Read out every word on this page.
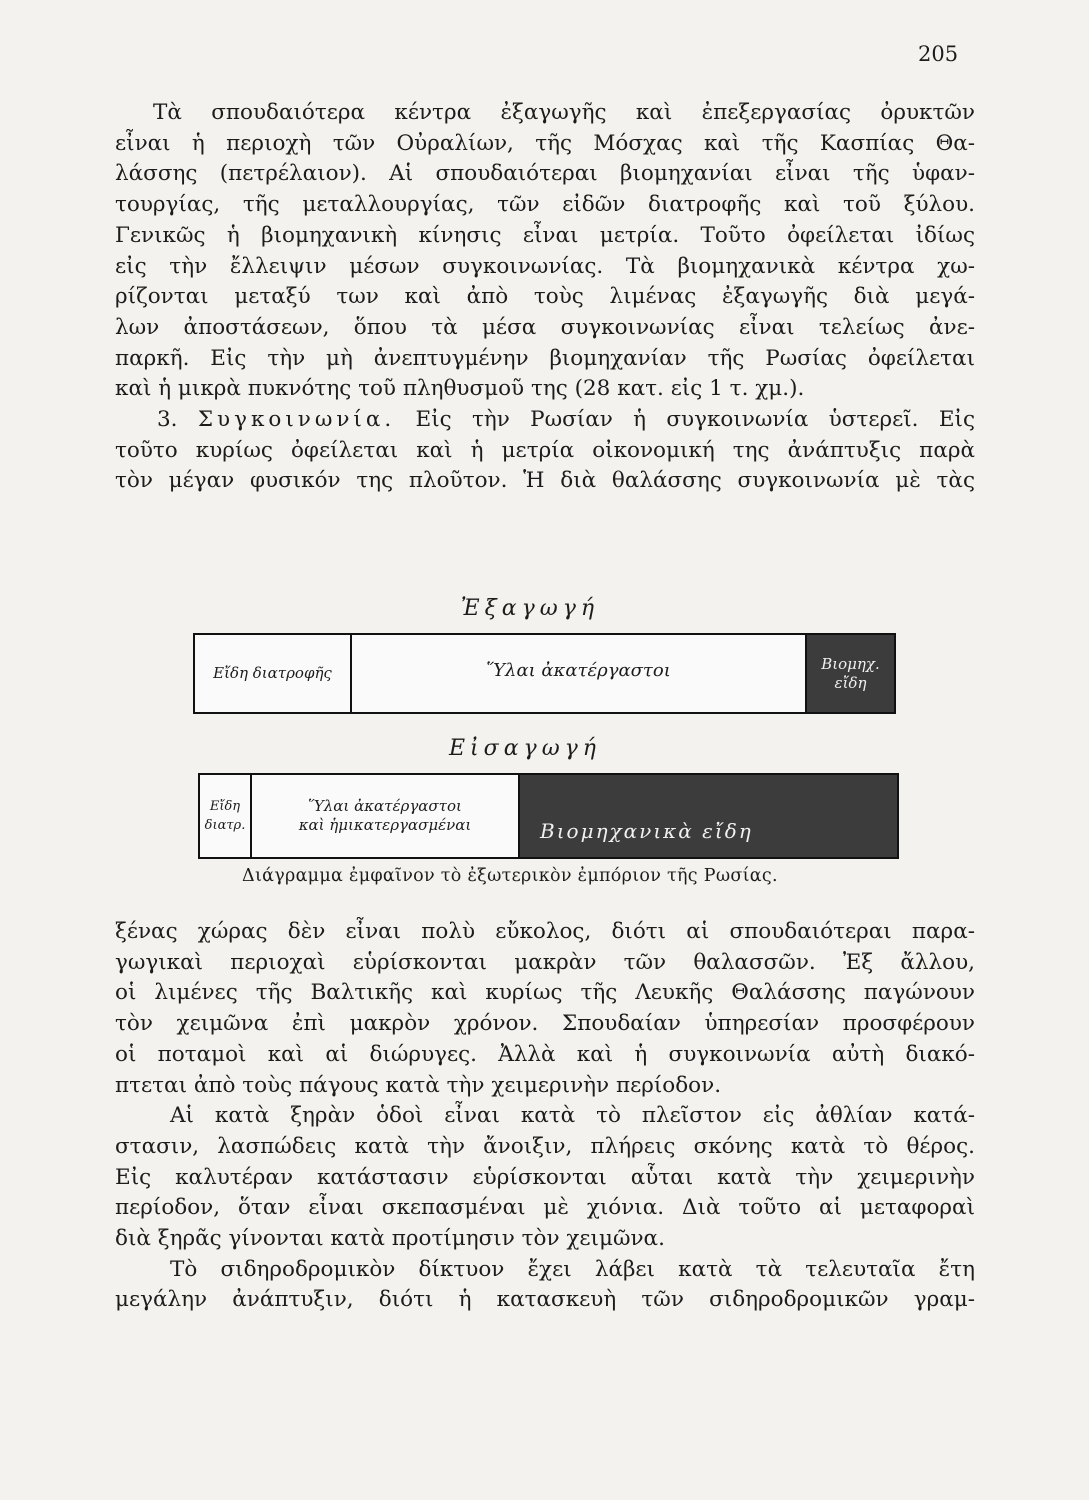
205
Τὰ σπουδαιότερα κέντρα ἐξαγωγῆς καὶ ἐπεξεργασίας ὀρυκτῶν
εἶναι ἡ περιοχὴ τῶν Οὐραλίων, τῆς Μόσχας καὶ τῆς Κασπίας Θα-
λάσσης (πετρέλαιον). Αἱ σπουδαιότεραι βιομηχανίαι εἶναι τῆς ὑφαν-
τουργίας, τῆς μεταλλουργίας, τῶν εἰδῶν διατροφῆς καὶ τοῦ ξύλου.
Γενικῶς ἡ βιομηχανικὴ κίνησις εἶναι μετρία. Τοῦτο ὀφείλεται ἰδίως
εἰς τὴν ἔλλειψιν μέσων συγκοινωνίας. Τὰ βιομηχανικὰ κέντρα χω-
ρίζονται μεταξύ των καὶ ἀπὸ τοὺς λιμένας ἐξαγωγῆς διὰ μεγά-
λων ἀποστάσεων, ὅπου τὰ μέσα συγκοινωνίας εἶναι τελείως ἀνε-
παρκῆ. Εἰς τὴν μὴ ἀνεπτυγμένην βιομηχανίαν τῆς Ρωσίας ὀφείλεται
καὶ ἡ μικρὰ πυκνότης τοῦ πληθυσμοῦ της (28 κατ. εἰς 1 τ. χμ.).
3. Συγκοινωνία. Εἰς τὴν Ρωσίαν ἡ συγκοινωνία ὑστερεῖ. Εἰς
τοῦτο κυρίως ὀφείλεται καὶ ἡ μετρία οἰκονομική της ἀνάπτυξις παρὰ
τὸν μέγαν φυσικόν της πλοῦτον. Ἡ διὰ θαλάσσης συγκοινωνία μὲ τὰς
Ἐξαγωγή
Εἴδη διατροφῆς	Ὕλαι ἀκατέργαστοι	Βιομηχ. εἴδη
Εἰσαγωγή
Εἴδη
διατρ.
Ὕλαι ἀκατέργαστοι
καὶ ἡμικατεργασμέναι	Βιομηχανικὰ εἴδη
Διάγραμμα ἐμφαῖνον τὸ ἐξωτερικὸν ἐμπόριον τῆς Ρωσίας.
ξένας χώρας δὲν εἶναι πολὺ εὔκολος, διότι αἱ σπουδαιότεραι παρα-
γωγικαὶ περιοχαὶ εὑρίσκονται μακρὰν τῶν θαλασσῶν. Ἐξ ἄλλου,
οἱ λιμένες τῆς Βαλτικῆς καὶ κυρίως τῆς Λευκῆς Θαλάσσης παγώνουν
τὸν χειμῶνα ἐπὶ μακρὸν χρόνον. Σπουδαίαν ὑπηρεσίαν προσφέρουν
οἱ ποταμοὶ καὶ αἱ διώρυγες. Ἀλλὰ καὶ ἡ συγκοινωνία αὐτὴ διακό-
πτεται ἀπὸ τοὺς πάγους κατὰ τὴν χειμερινὴν περίοδον.
Αἱ κατὰ ξηρὰν ὁδοὶ εἶναι κατὰ τὸ πλεῖστον εἰς ἀθλίαν κατά-
στασιν, λασπώδεις κατὰ τὴν ἄνοιξιν, πλήρεις σκόνης κατὰ τὸ θέρος.
Εἰς καλυτέραν κατάστασιν εὑρίσκονται αὗται κατὰ τὴν χειμερινὴν
περίοδον, ὅταν εἶναι σκεπασμέναι μὲ χιόνια. Διὰ τοῦτο αἱ μεταφοραὶ
διὰ ξηρᾶς γίνονται κατὰ προτίμησιν τὸν χειμῶνα.
Τὸ σιδηροδρομικὸν δίκτυον ἔχει λάβει κατὰ τὰ τελευταῖα ἔτη
μεγάλην ἀνάπτυξιν, διότι ἡ κατασκευὴ τῶν σιδηροδρομικῶν γραμ-
